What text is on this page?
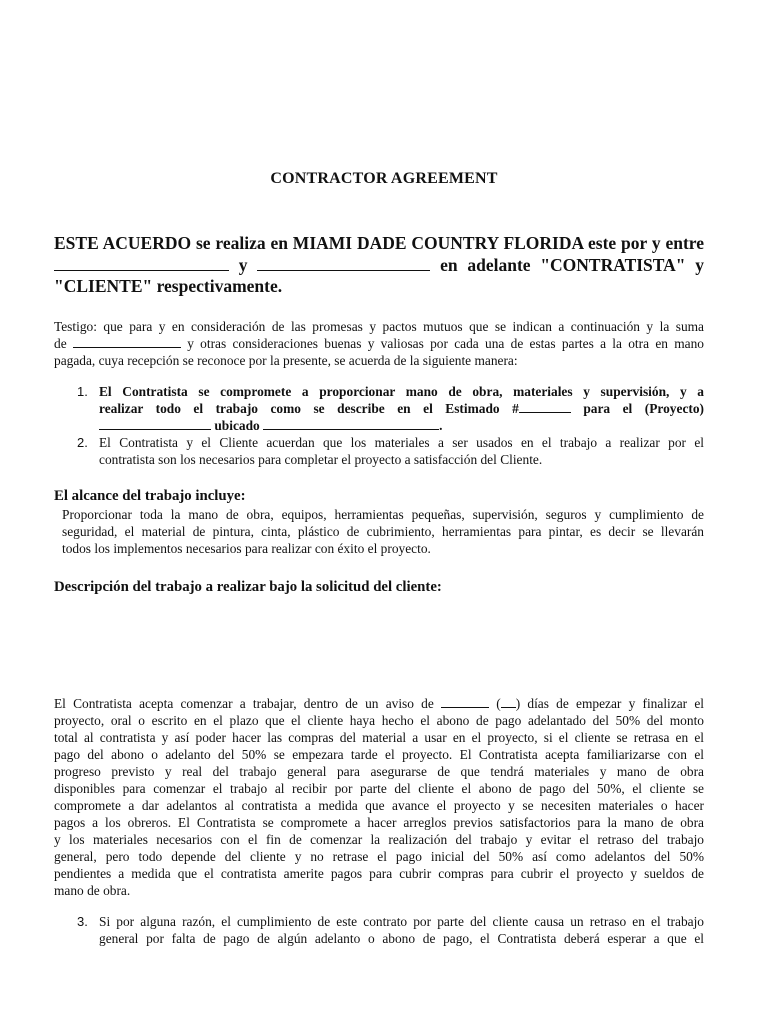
CONTRACTOR AGREEMENT
ESTE ACUERDO se realiza en MIAMI DADE COUNTRY FLORIDA este por y entre
y	en adelante "CONTRATISTA" y
"CLIENTE" respectivamente.
Testigo: que para y en consideración de las promesas y pactos mutuos que se indican a continuación y la suma
de	y otras consideraciones buenas y valiosas por cada una de estas partes a la otra en mano
pagada, cuya recepción se reconoce por la presente, se acuerda de la siguiente manera:
1. El Contratista se compromete a proporcionar mano de obra, materiales y supervisión, y a
realizar todo el trabajo como se describe en el Estimado #	para el (Proyecto)
ubicado	.
2. El Contratista y el Cliente acuerdan que los materiales a ser usados en el trabajo a realizar por el
contratista son los necesarios para completar el proyecto a satisfacción del Cliente.
El alcance del trabajo incluye:
Proporcionar toda la mano de obra, equipos, herramientas pequeñas, supervisión, seguros y cumplimiento de
seguridad, el material de pintura, cinta, plástico de cubrimiento, herramientas para pintar, es decir se llevarán
todos los implementos necesarios para realizar con éxito el proyecto.
Descripción del trabajo a realizar bajo la solicitud del cliente:
El Contratista acepta comenzar a trabajar, dentro de un aviso de	( ) días de empezar y finalizar el
proyecto, oral o escrito en el plazo que el cliente haya hecho el abono de pago adelantado del 50% del monto
total al contratista y así poder hacer las compras del material a usar en el proyecto, si el cliente se retrasa en el
pago del abono o adelanto del 50% se empezara tarde el proyecto. El Contratista acepta familiarizarse con el
progreso previsto y real del trabajo general para asegurarse de que tendrá materiales y mano de obra
disponibles para comenzar el trabajo al recibir por parte del cliente el abono de pago del 50%, el cliente se
compromete a dar adelantos al contratista a medida que avance el proyecto y se necesiten materiales o hacer
pagos a los obreros. El Contratista se compromete a hacer arreglos previos satisfactorios para la mano de obra
y los materiales necesarios con el fin de comenzar la realización del trabajo y evitar el retraso del trabajo
general, pero todo depende del cliente y no retrase el pago inicial del 50% así como adelantos del 50%
pendientes a medida que el contratista amerite pagos para cubrir compras para cubrir el proyecto y sueldos de
mano de obra.
3. Si por alguna razón, el cumplimiento de este contrato por parte del cliente causa un retraso en el trabajo
general por falta de pago de algún adelanto o abono de pago, el Contratista deberá esperar a que el
